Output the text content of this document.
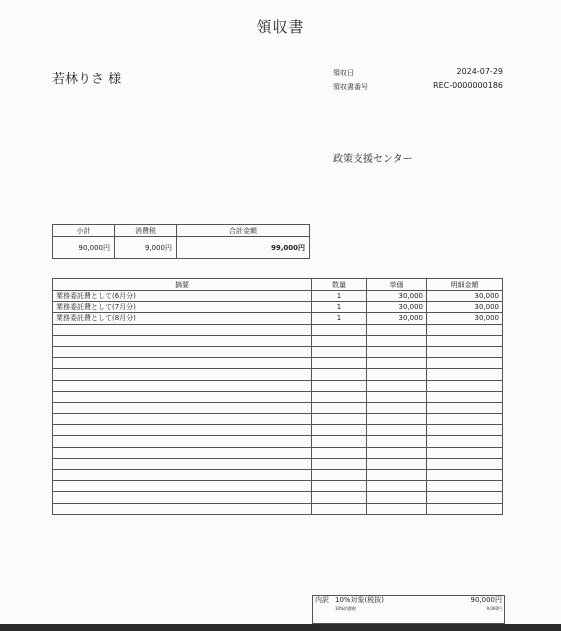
領収書
若林りさ 様	領収日	2024-07-29
領収書番号	REC-0000000186
政策支援センター
小計	消費税	合計金額
90,000円	9,000円	99,000円
摘要	数量	単価	明細金額
業務委託費として(6月分)	1	30,000	30,000
業務委託費として(7月分)	1	30,000	30,000
業務委託費として(8月分)	1	30,000	30,000

内訳	10%対象(税抜)	90,000円
	10%消費税	9,000円
